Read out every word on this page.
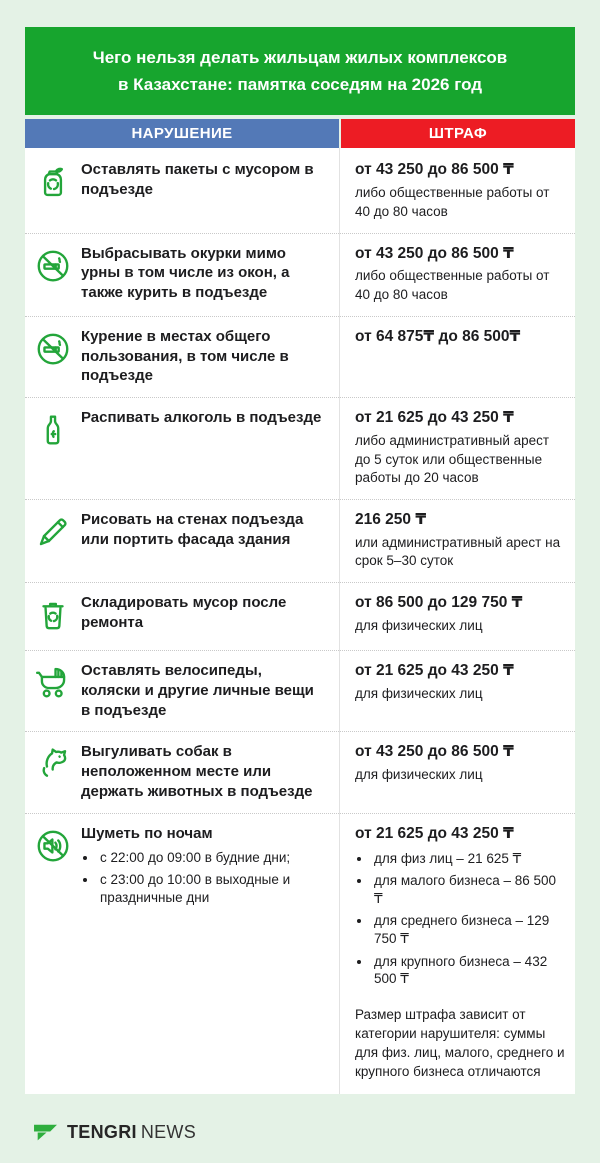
Чего нельзя делать жильцам жилых комплексов
в Казахстане: памятка соседям на 2026 год
НАРУШЕНИЕ	ШТРАФ
Оставлять пакеты с мусором в подъезде
от 43 250 до 86 500 ₸
либо общественные работы от 40 до 80 часов
Выбрасывать окурки мимо урны в том числе из окон, а также курить в подъезде
от 43 250 до 86 500 ₸
либо общественные работы от 40 до 80 часов
Курение в местах общего пользования, в том числе в подъезде
от 64 875₸ до 86 500₸
Распивать алкоголь в подъезде от 21 625 до 43 250 ₸
либо административный арест до 5 суток или общественные работы до 20 часов
Рисовать на стенах подъезда или портить фасада здания
216 250 ₸
или административный арест на срок 5–30 суток
Складировать мусор после ремонта
от 86 500 до 129 750 ₸
для физических лиц
Оставлять велосипеды, коляски и другие личные вещи в подъезде
от 21 625 до 43 250 ₸
для физических лиц
Выгуливать собак в неположенном месте или держать животных в подъезде
от 43 250 до 86 500 ₸
для физических лиц
Шуметь по ночам
• с 22:00 до 09:00 в будние дни;
• с 23:00 до 10:00 в выходные и праздничные дни
от 21 625 до 43 250 ₸
• для физ лиц – 21 625 ₸
• для малого бизнеса – 86 500 ₸
• для среднего бизнеса – 129 750 ₸
• для крупного бизнеса – 432 500 ₸
Размер штрафа зависит от категории нарушителя: суммы для физ. лиц, малого, среднего и крупного бизнеса отличаются
TENGRI NEWS
